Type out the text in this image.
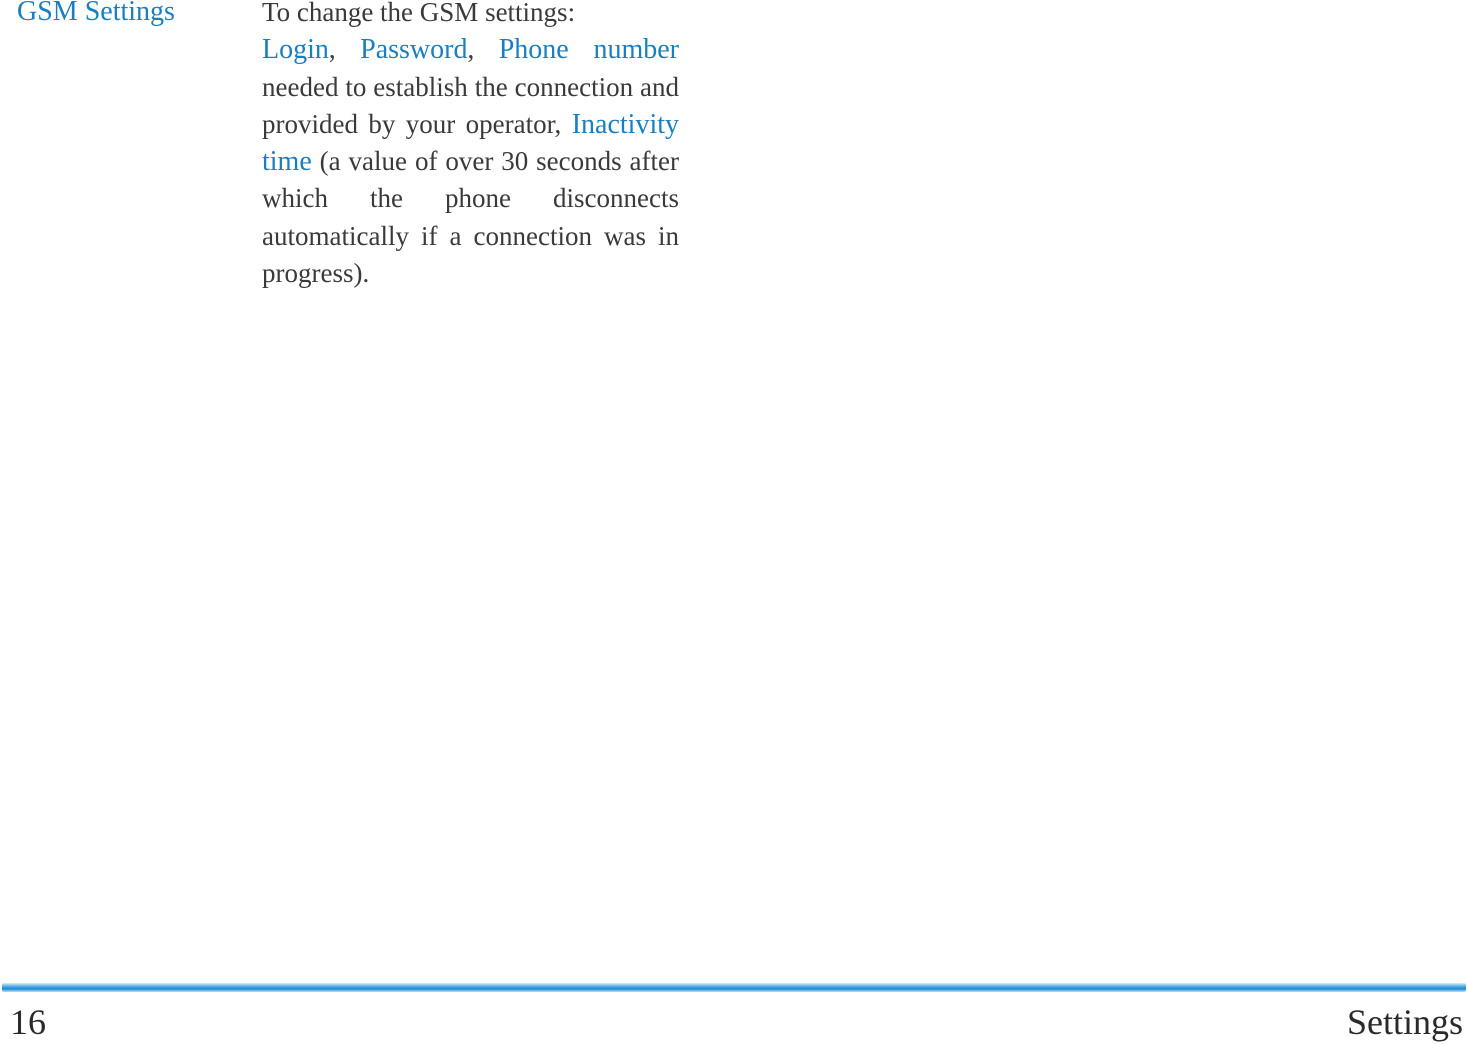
GSM Settings	To change the GSM settings:
Login, Password, Phone number needed to establish the connection and provided by your operator, Inactivity time (a value of over 30 seconds after which the phone disconnects automatically if a connection was in progress).

16	Settings
